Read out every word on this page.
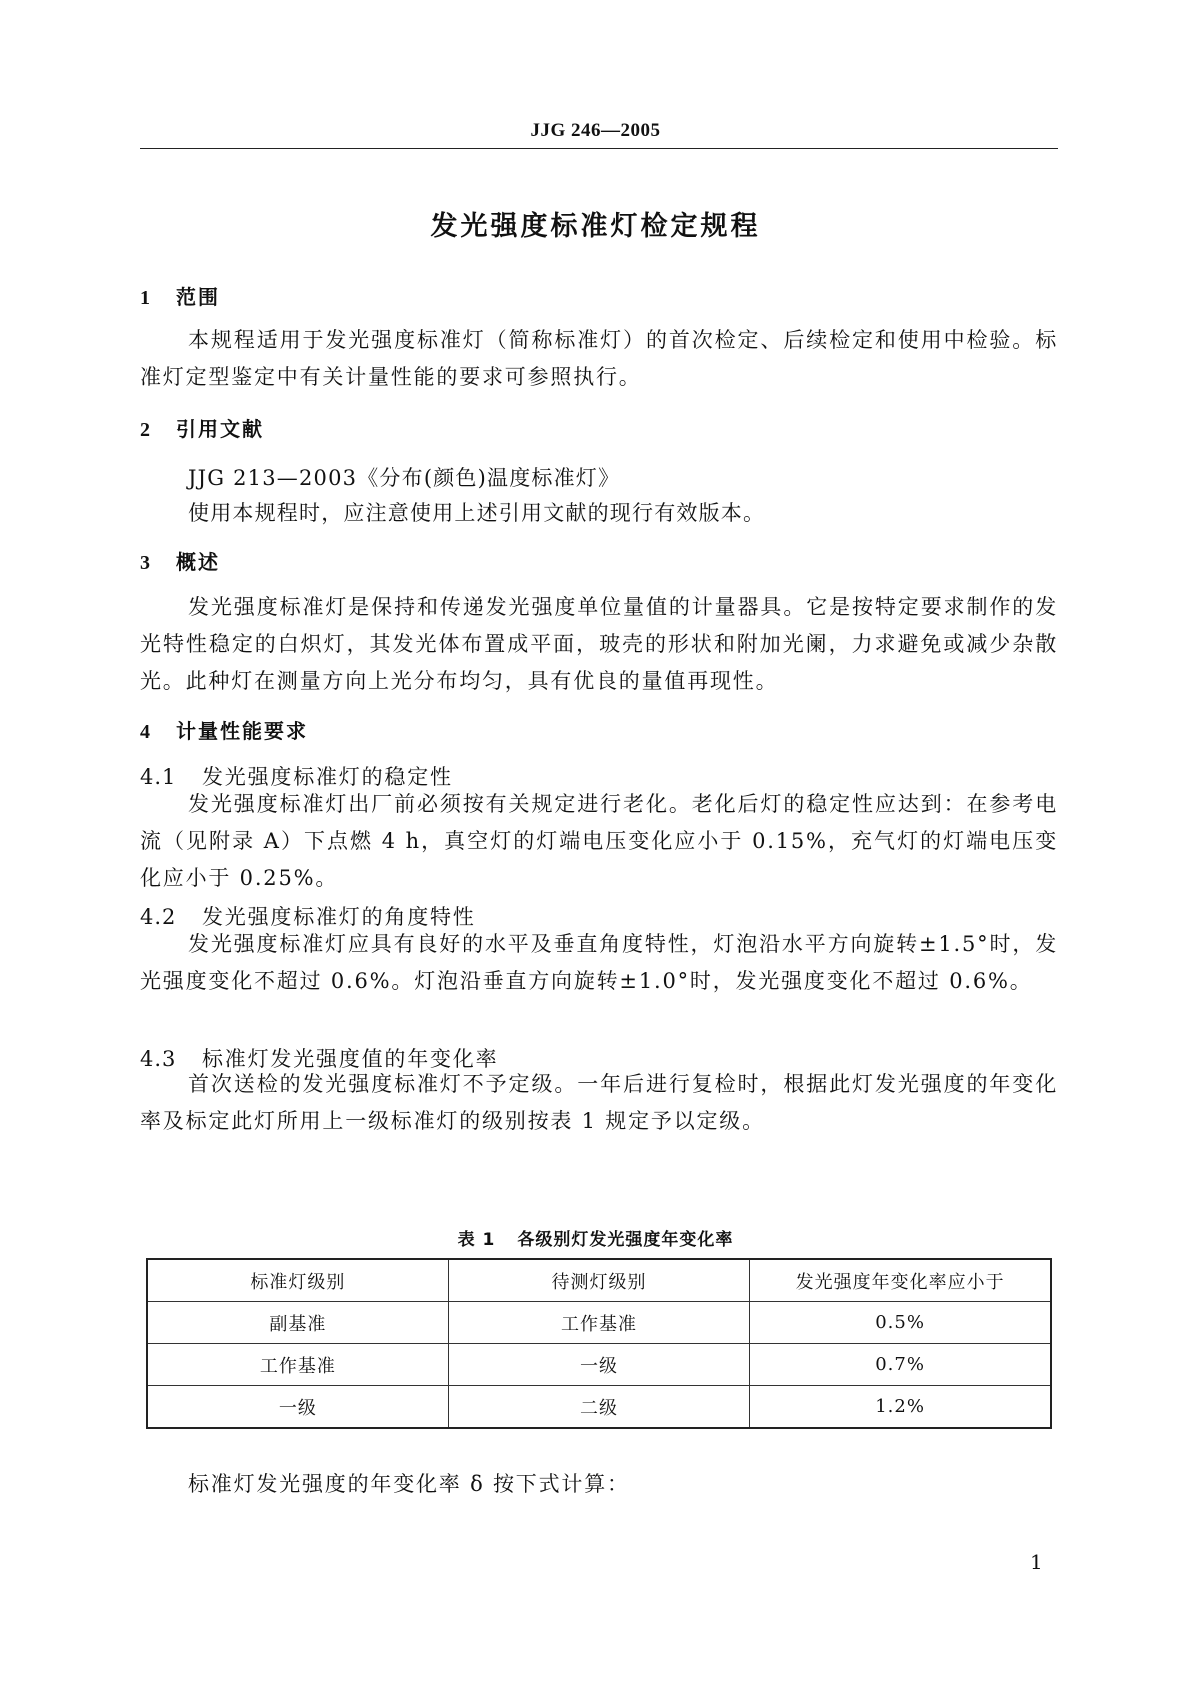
JJG 246—2005
发光强度标准灯检定规程
1 范围
本规程适用于发光强度标准灯（简称标准灯）的首次检定、后续检定和使用中检验。标准灯定型鉴定中有关计量性能的要求可参照执行。
2 引用文献
JJG 213—2003《分布(颜色)温度标准灯》
使用本规程时，应注意使用上述引用文献的现行有效版本。
3 概述
发光强度标准灯是保持和传递发光强度单位量值的计量器具。它是按特定要求制作的发光特性稳定的白炽灯，其发光体布置成平面，玻壳的形状和附加光阑，力求避免或减少杂散光。此种灯在测量方向上光分布均匀，具有优良的量值再现性。
4 计量性能要求
4.1 发光强度标准灯的稳定性
发光强度标准灯出厂前必须按有关规定进行老化。老化后灯的稳定性应达到：在参考电流（见附录 A）下点燃 4 h，真空灯的灯端电压变化应小于 0.15%，充气灯的灯端电压变化应小于 0.25%。
4.2 发光强度标准灯的角度特性
发光强度标准灯应具有良好的水平及垂直角度特性，灯泡沿水平方向旋转±1.5°时，发光强度变化不超过 0.6%。灯泡沿垂直方向旋转±1.0°时，发光强度变化不超过 0.6%。
4.3 标准灯发光强度值的年变化率
首次送检的发光强度标准灯不予定级。一年后进行复检时，根据此灯发光强度的年变化率及标定此灯所用上一级标准灯的级别按表 1 规定予以定级。
表 1 各级别灯发光强度年变化率
标准灯级别	待测灯级别	发光强度年变化率应小于
副基准	工作基准	0.5%
工作基准	一级	0.7%
一级	二级	1.2%
标准灯发光强度的年变化率 δ 按下式计算：
1
